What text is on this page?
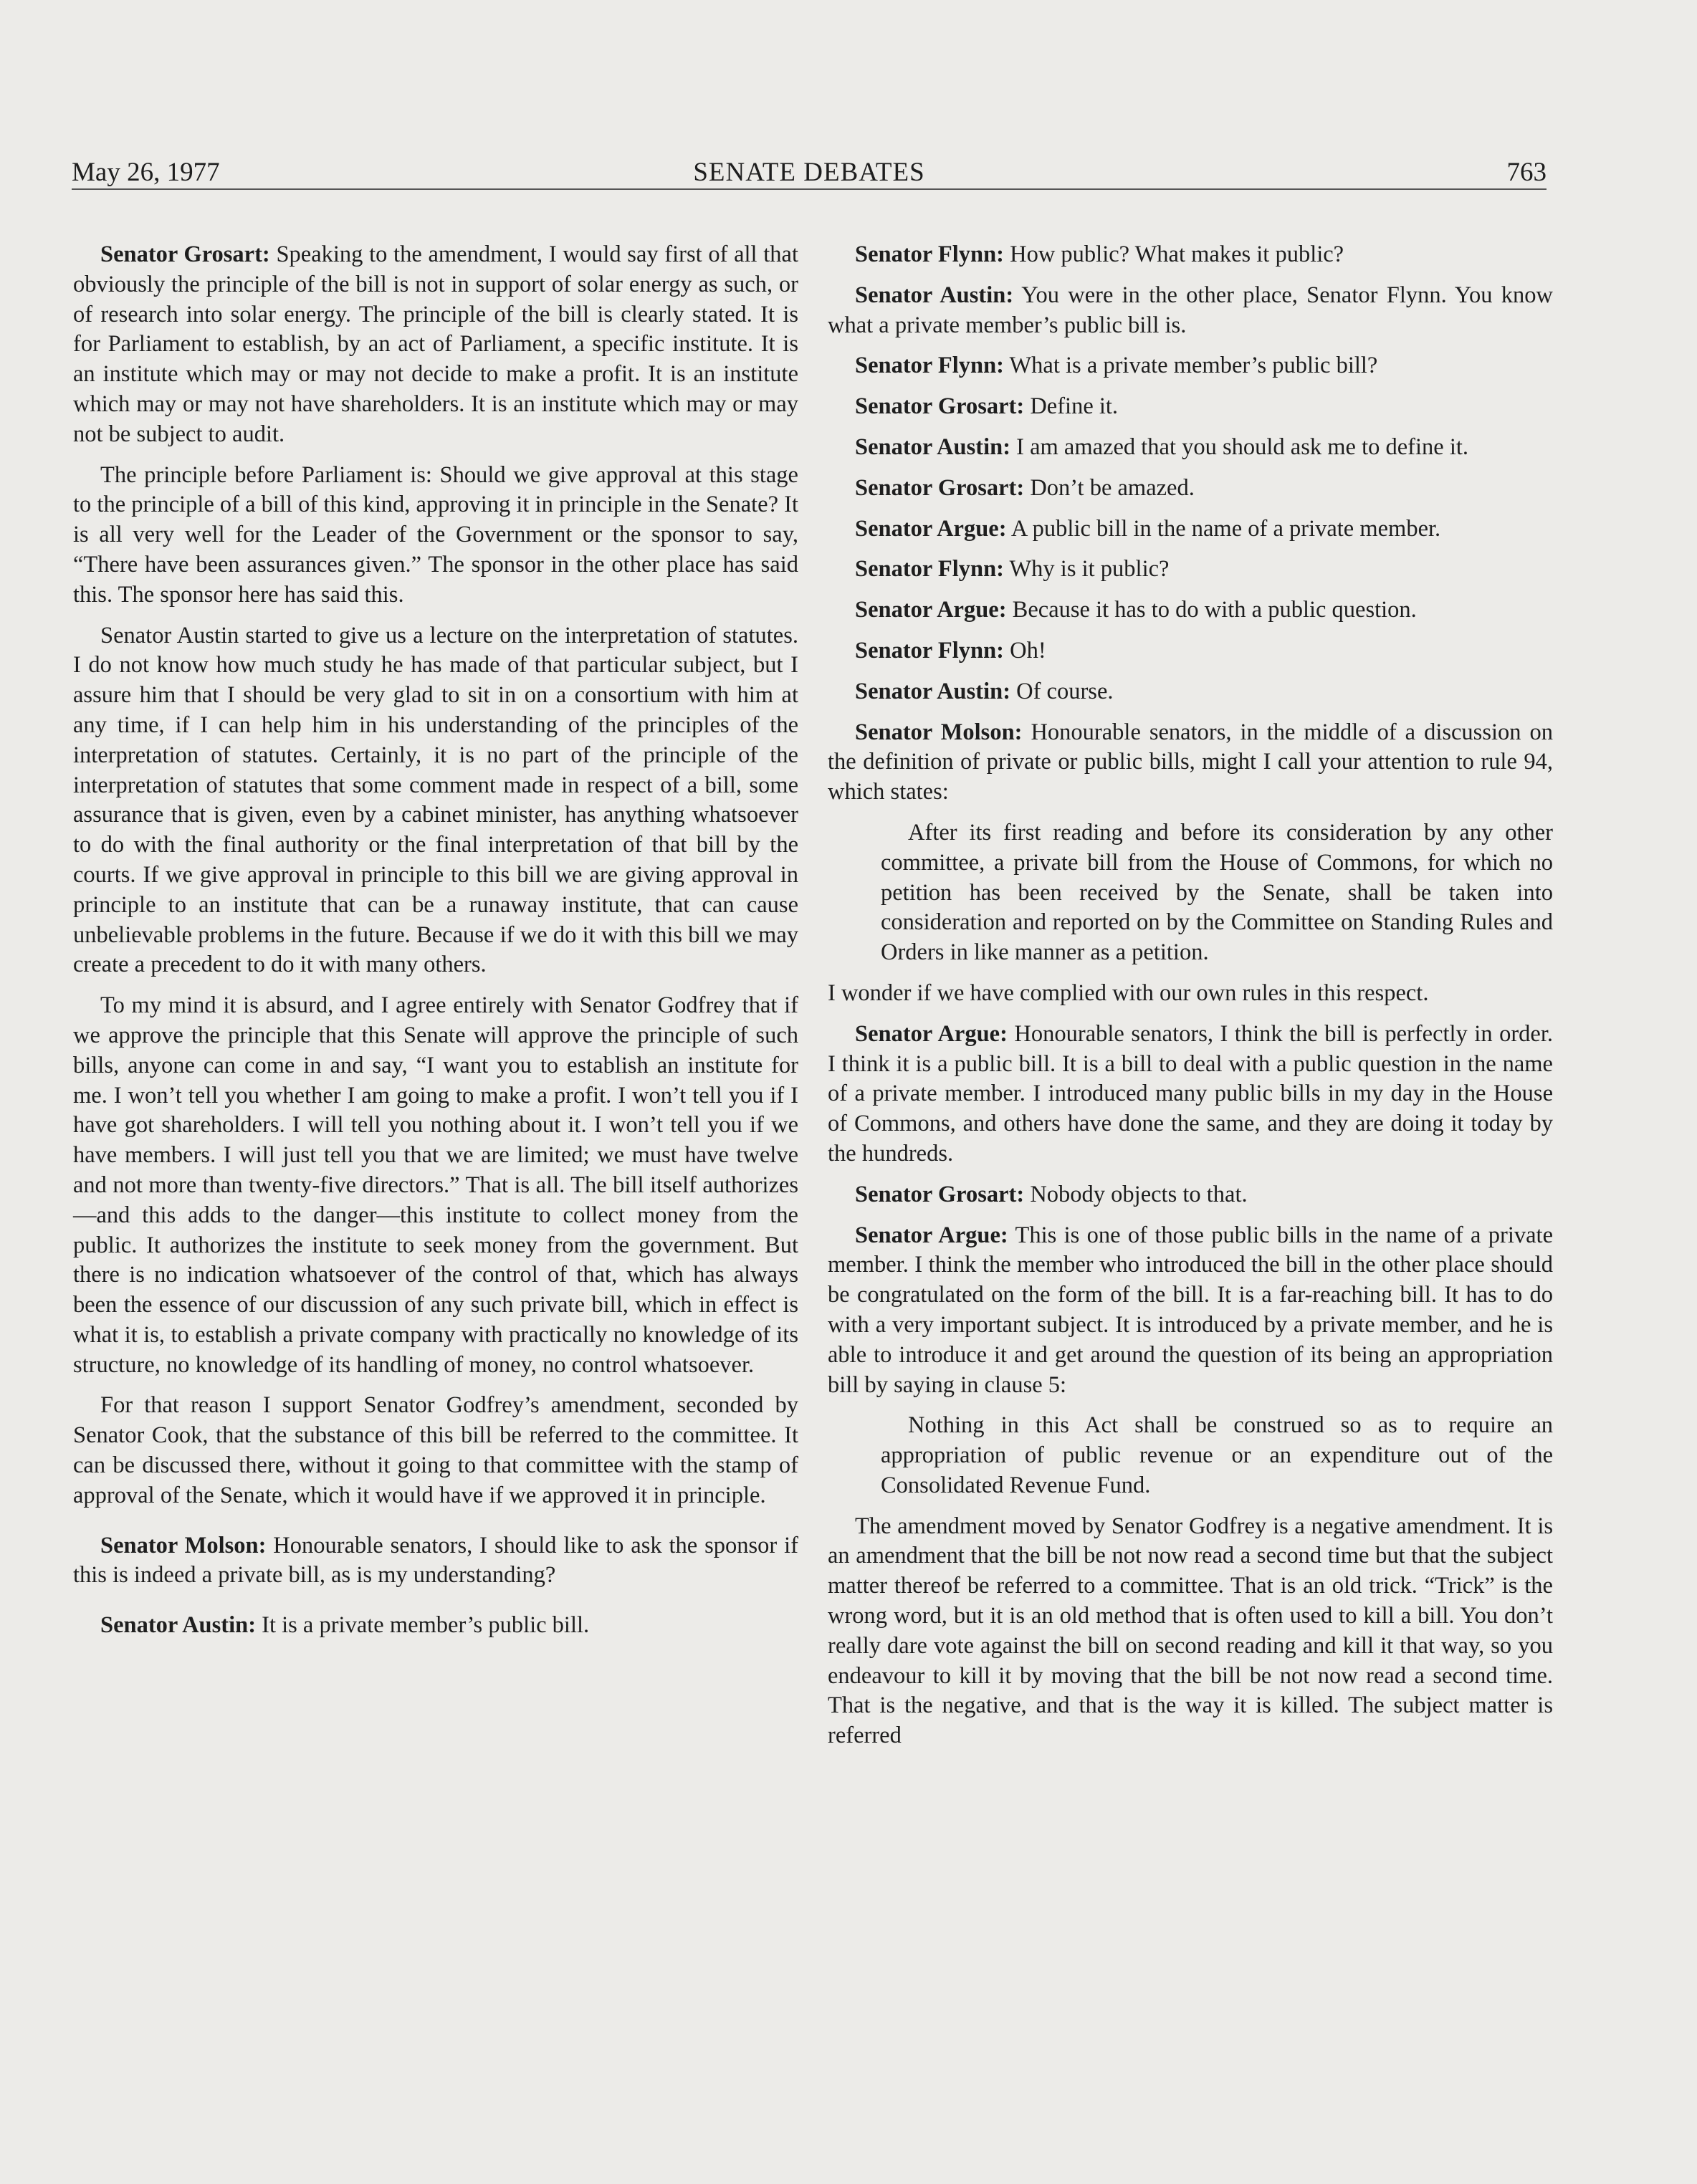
May 26, 1977	SENATE DEBATES	763

Senator Grosart: Speaking to the amendment, I would say first of all that obviously the principle of the bill is not in support of solar energy as such, or of research into solar energy. The principle of the bill is clearly stated. It is for Parliament to establish, by an act of Parliament, a specific institute. It is an institute which may or may not decide to make a profit. It is an institute which may or may not have shareholders. It is an institute which may or may not be subject to audit.

The principle before Parliament is: Should we give approval at this stage to the principle of a bill of this kind, approving it in principle in the Senate? It is all very well for the Leader of the Government or the sponsor to say, “There have been assurances given.” The sponsor in the other place has said this. The sponsor here has said this.

Senator Austin started to give us a lecture on the interpretation of statutes. I do not know how much study he has made of that particular subject, but I assure him that I should be very glad to sit in on a consortium with him at any time, if I can help him in his understanding of the principles of the interpretation of statutes. Certainly, it is no part of the principle of the interpretation of statutes that some comment made in respect of a bill, some assurance that is given, even by a cabinet minister, has anything whatsoever to do with the final authority or the final interpretation of that bill by the courts. If we give approval in principle to this bill we are giving approval in principle to an institute that can be a runaway institute, that can cause unbelievable problems in the future. Because if we do it with this bill we may create a precedent to do it with many others.

To my mind it is absurd, and I agree entirely with Senator Godfrey that if we approve the principle that this Senate will approve the principle of such bills, anyone can come in and say, “I want you to establish an institute for me. I won’t tell you whether I am going to make a profit. I won’t tell you if I have got shareholders. I will tell you nothing about it. I won’t tell you if we have members. I will just tell you that we are limited; we must have twelve and not more than twenty-five directors.” That is all. The bill itself authorizes—and this adds to the danger—this institute to collect money from the public. It authorizes the institute to seek money from the government. But there is no indication whatsoever of the control of that, which has always been the essence of our discussion of any such private bill, which in effect is what it is, to establish a private company with practically no knowledge of its structure, no knowledge of its handling of money, no control whatsoever.

For that reason I support Senator Godfrey’s amendment, seconded by Senator Cook, that the substance of this bill be referred to the committee. It can be discussed there, without it going to that committee with the stamp of approval of the Senate, which it would have if we approved it in principle.

Senator Molson: Honourable senators, I should like to ask the sponsor if this is indeed a private bill, as is my understanding?

Senator Austin: It is a private member’s public bill.

Senator Flynn: How public? What makes it public?

Senator Austin: You were in the other place, Senator Flynn. You know what a private member’s public bill is.

Senator Flynn: What is a private member’s public bill?

Senator Grosart: Define it.

Senator Austin: I am amazed that you should ask me to define it.

Senator Grosart: Don’t be amazed.

Senator Argue: A public bill in the name of a private member.

Senator Flynn: Why is it public?

Senator Argue: Because it has to do with a public question.

Senator Flynn: Oh!

Senator Austin: Of course.

Senator Molson: Honourable senators, in the middle of a discussion on the definition of private or public bills, might I call your attention to rule 94, which states:

After its first reading and before its consideration by any other committee, a private bill from the House of Commons, for which no petition has been received by the Senate, shall be taken into consideration and reported on by the Committee on Standing Rules and Orders in like manner as a petition.

I wonder if we have complied with our own rules in this respect.

Senator Argue: Honourable senators, I think the bill is perfectly in order. I think it is a public bill. It is a bill to deal with a public question in the name of a private member. I introduced many public bills in my day in the House of Commons, and others have done the same, and they are doing it today by the hundreds.

Senator Grosart: Nobody objects to that.

Senator Argue: This is one of those public bills in the name of a private member. I think the member who introduced the bill in the other place should be congratulated on the form of the bill. It is a far-reaching bill. It has to do with a very important subject. It is introduced by a private member, and he is able to introduce it and get around the question of its being an appropriation bill by saying in clause 5:

Nothing in this Act shall be construed so as to require an appropriation of public revenue or an expenditure out of the Consolidated Revenue Fund.

The amendment moved by Senator Godfrey is a negative amendment. It is an amendment that the bill be not now read a second time but that the subject matter thereof be referred to a committee. That is an old trick. “Trick” is the wrong word, but it is an old method that is often used to kill a bill. You don’t really dare vote against the bill on second reading and kill it that way, so you endeavour to kill it by moving that the bill be not now read a second time. That is the negative, and that is the way it is killed. The subject matter is referred
